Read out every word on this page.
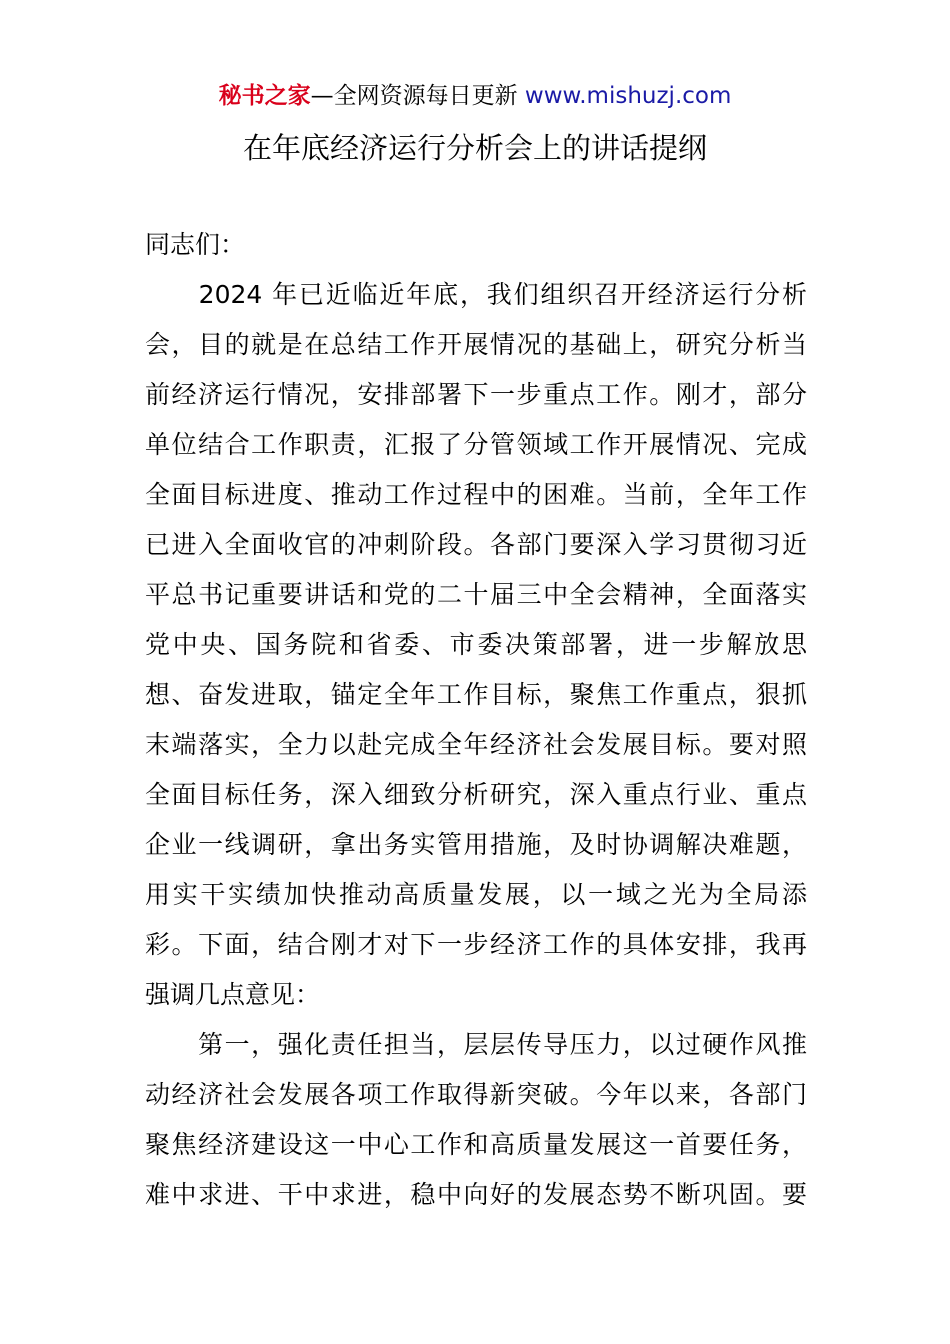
秘书之家—全网资源每日更新 www.mishuzj.com
在年底经济运行分析会上的讲话提纲
同志们：
　　2024 年已近临近年底，我们组织召开经济运行分析
会，目的就是在总结工作开展情况的基础上，研究分析当
前经济运行情况，安排部署下一步重点工作。刚才，部分
单位结合工作职责，汇报了分管领域工作开展情况、完成
全面目标进度、推动工作过程中的困难。当前，全年工作
已进入全面收官的冲刺阶段。各部门要深入学习贯彻习近
平总书记重要讲话和党的二十届三中全会精神，全面落实
党中央、国务院和省委、市委决策部署，进一步解放思
想、奋发进取，锚定全年工作目标，聚焦工作重点，狠抓
末端落实，全力以赴完成全年经济社会发展目标。要对照
全面目标任务，深入细致分析研究，深入重点行业、重点
企业一线调研，拿出务实管用措施，及时协调解决难题，
用实干实绩加快推动高质量发展，以一域之光为全局添
彩。下面，结合刚才对下一步经济工作的具体安排，我再
强调几点意见：
　　第一，强化责任担当，层层传导压力，以过硬作风推
动经济社会发展各项工作取得新突破。今年以来，各部门
聚焦经济建设这一中心工作和高质量发展这一首要任务，
难中求进、干中求进，稳中向好的发展态势不断巩固。要
